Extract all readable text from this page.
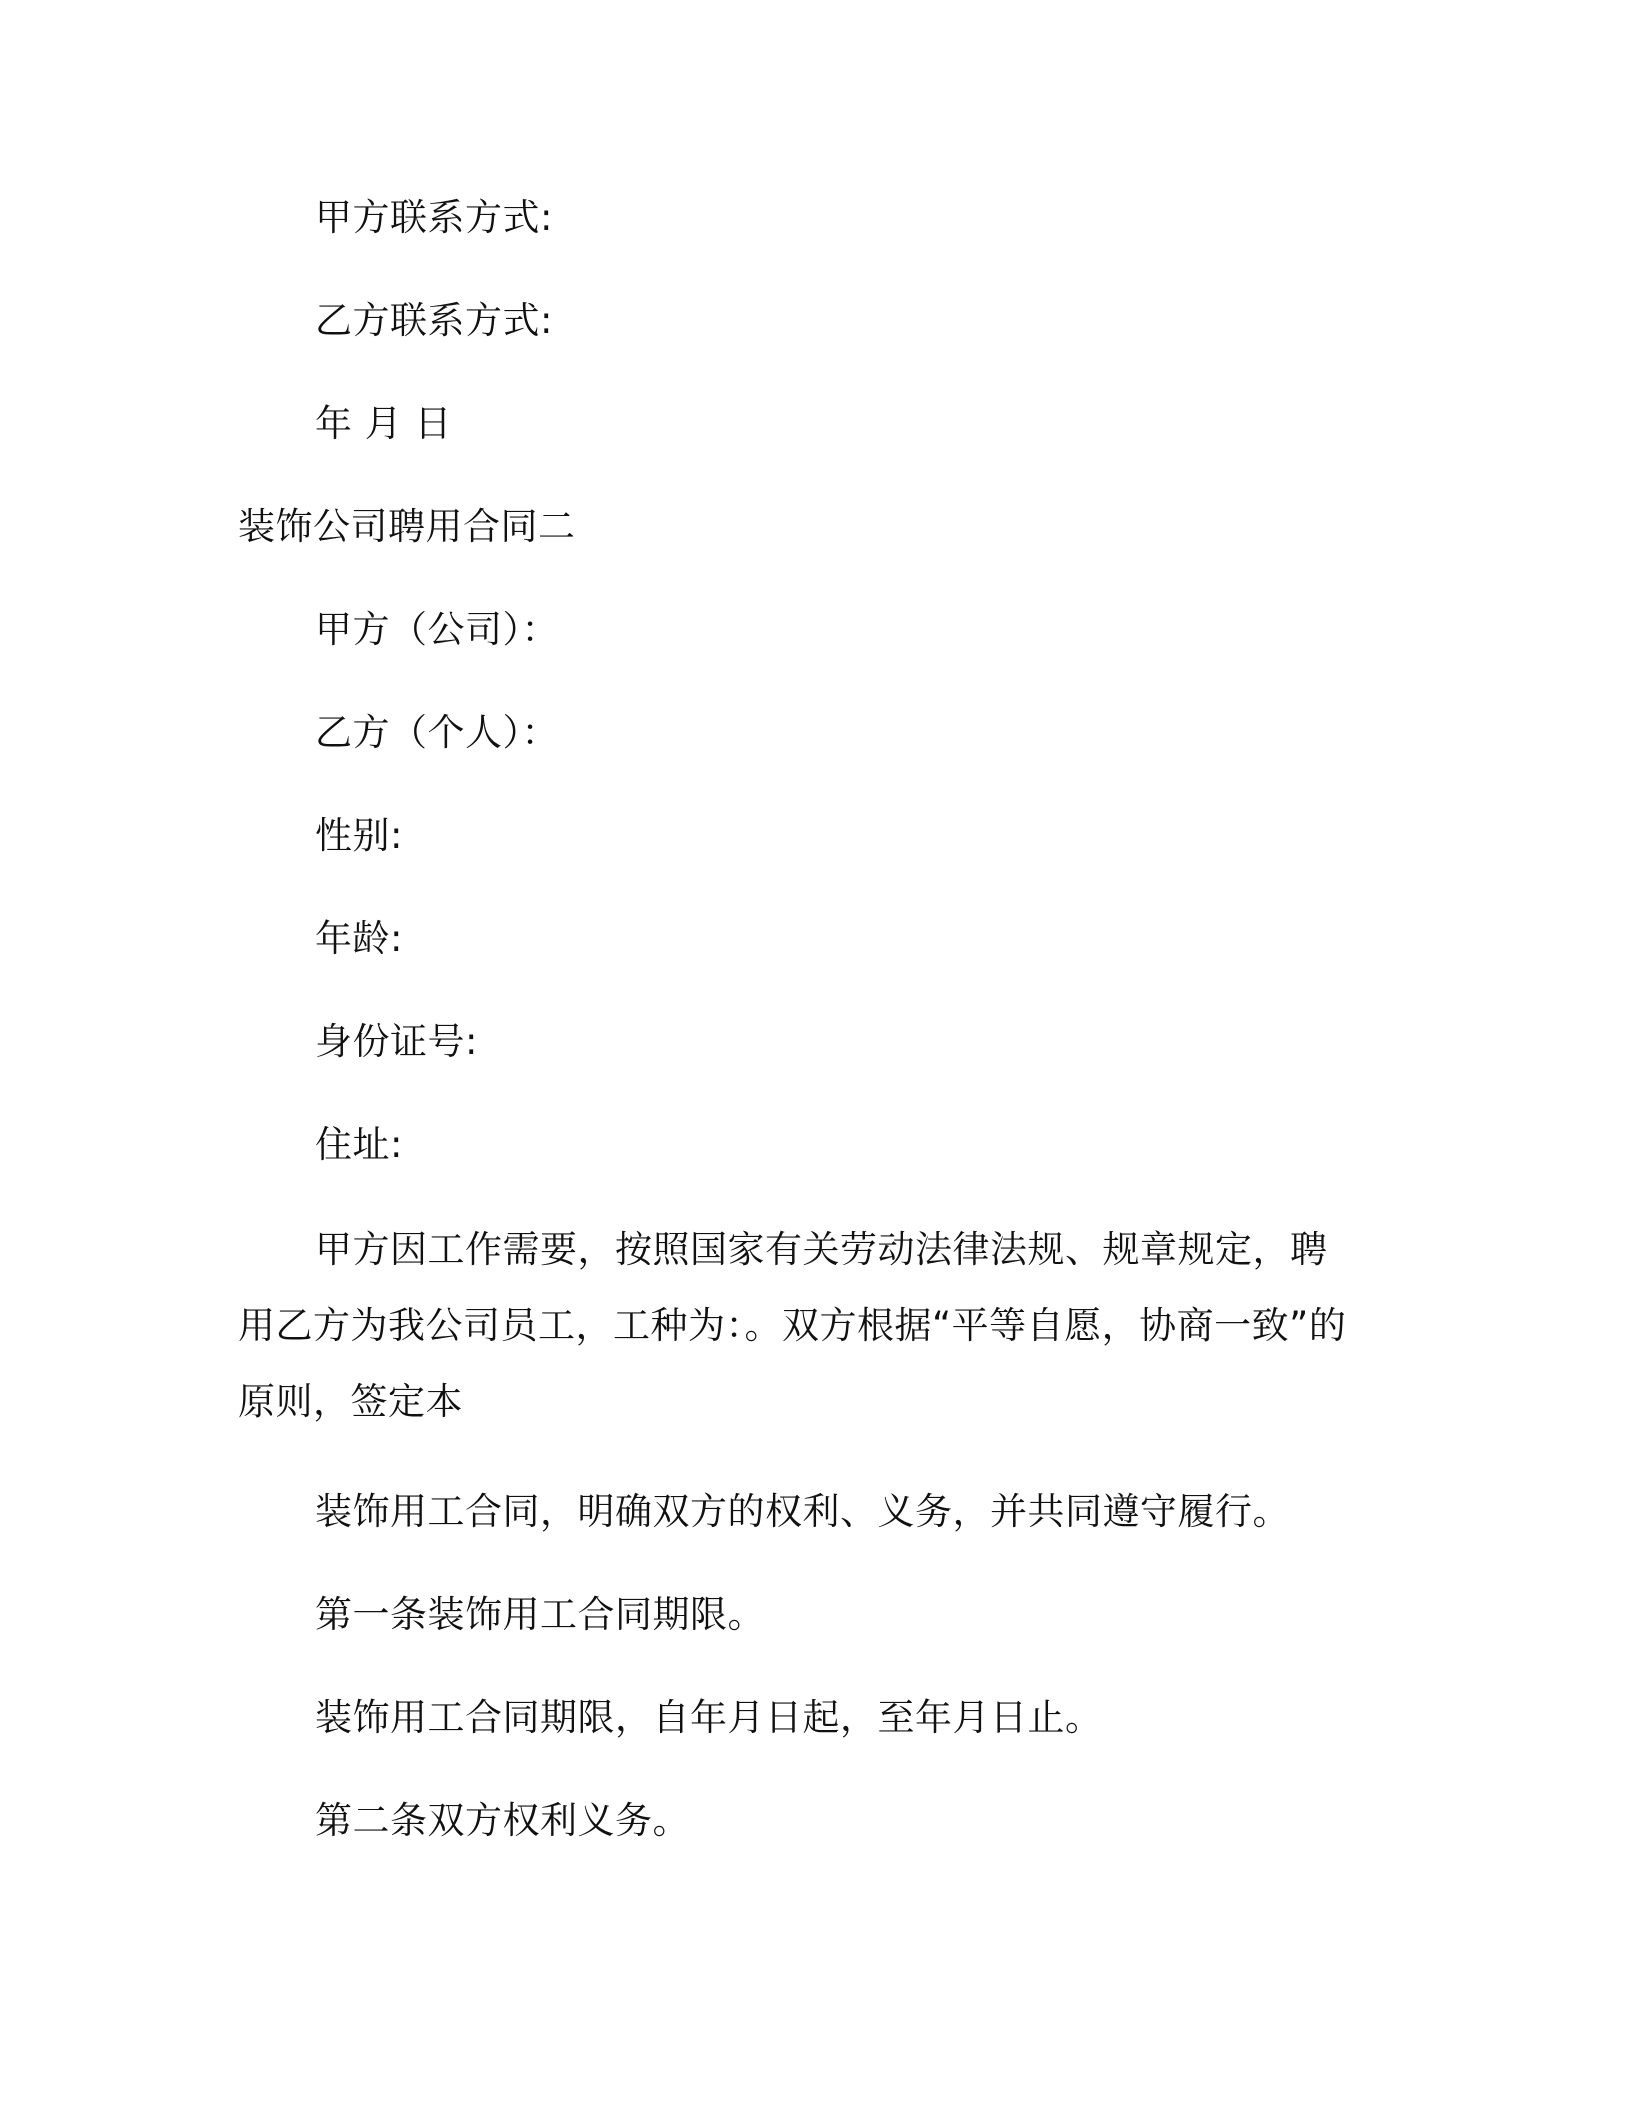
甲方联系方式:
乙方联系方式:
年 月 日
装饰公司聘用合同二
甲方（公司）：
乙方（个人）：
性别:
年龄:
身份证号:
住址:
甲方因工作需要，按照国家有关劳动法律法规、规章规定，聘用乙方为我公司员工，工种为：。双方根据“平等自愿，协商一致”的原则，签定本
装饰用工合同，明确双方的权利、义务，并共同遵守履行。
第一条装饰用工合同期限。
装饰用工合同期限，自年月日起，至年月日止。
第二条双方权利义务。
